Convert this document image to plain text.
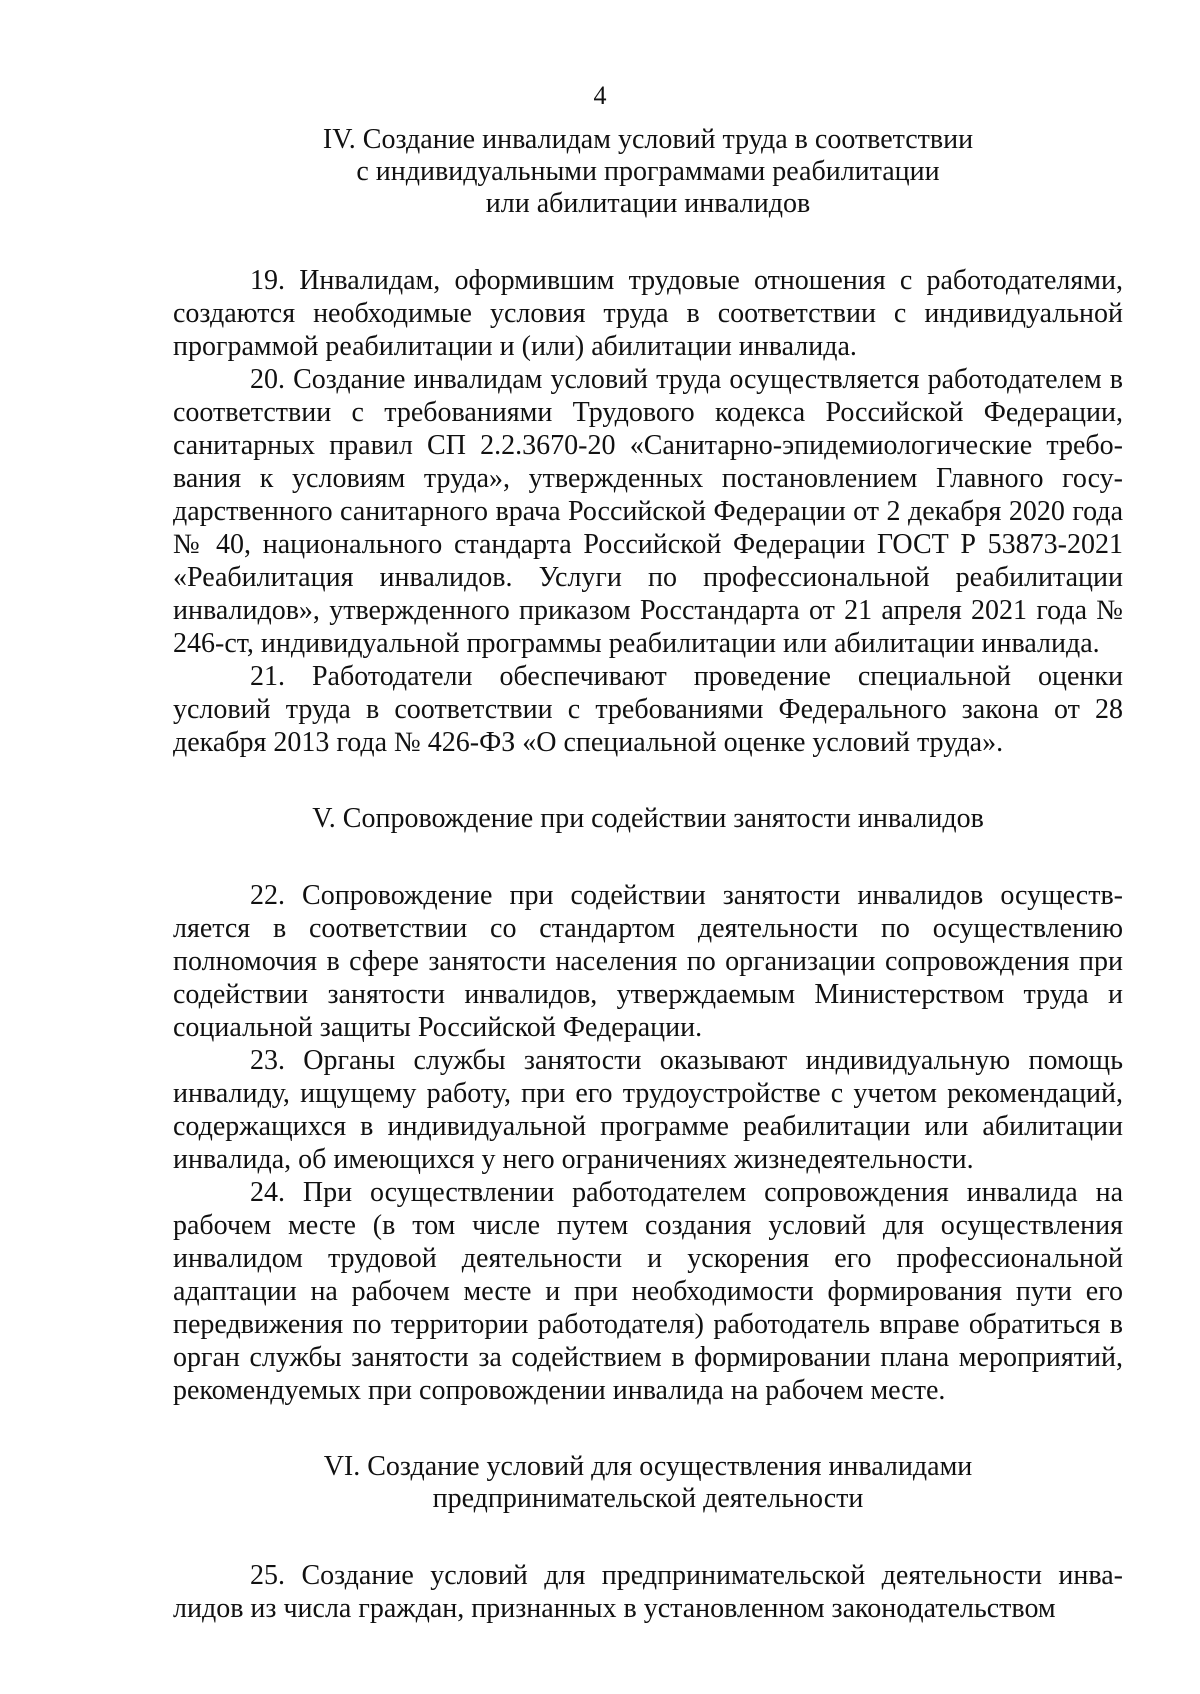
4
IV. Создание инвалидам условий труда в соответствии
с индивидуальными программами реабилитации
или абилитации инвалидов

19. Инвалидам, оформившим трудовые отношения с работодателями, создаются необходимые условия труда в соответствии с индивидуальной программой реабилитации и (или) абилитации инвалида.

20. Создание инвалидам условий труда осуществляется работодателем в соответствии с требованиями Трудового кодекса Российской Федерации, санитарных правил СП 2.2.3670-20 «Санитарно-эпидемиологические требования к условиям труда», утвержденных постановлением Главного государственного санитарного врача Российской Федерации от 2 декабря 2020 года № 40, национального стандарта Российской Федерации ГОСТ Р 53873-2021 «Реабилитация инвалидов. Услуги по профессиональной реабилитации инвалидов», утвержденного приказом Росстандарта от 21 апреля 2021 года № 246-ст, индивидуальной программы реабилитации или абилитации инвалида.

21. Работодатели обеспечивают проведение специальной оценки условий труда в соответствии с требованиями Федерального закона от 28 декабря 2013 года № 426-ФЗ «О специальной оценке условий труда».

V. Сопровождение при содействии занятости инвалидов

22. Сопровождение при содействии занятости инвалидов осуществляется в соответствии со стандартом деятельности по осуществлению полномочия в сфере занятости населения по организации сопровождения при содействии занятости инвалидов, утверждаемым Министерством труда и социальной защиты Российской Федерации.

23. Органы службы занятости оказывают индивидуальную помощь инвалиду, ищущему работу, при его трудоустройстве с учетом рекомендаций, содержащихся в индивидуальной программе реабилитации или абилитации инвалида, об имеющихся у него ограничениях жизнедеятельности.

24. При осуществлении работодателем сопровождения инвалида на рабочем месте (в том числе путем создания условий для осуществления инвалидом трудовой деятельности и ускорения его профессиональной адаптации на рабочем месте и при необходимости формирования пути его передвижения по территории работодателя) работодатель вправе обратиться в орган службы занятости за содействием в формировании плана мероприятий, рекомендуемых при сопровождении инвалида на рабочем месте.

VI. Создание условий для осуществления инвалидами
предпринимательской деятельности

25. Создание условий для предпринимательской деятельности инвалидов из числа граждан, признанных в установленном законодательством
